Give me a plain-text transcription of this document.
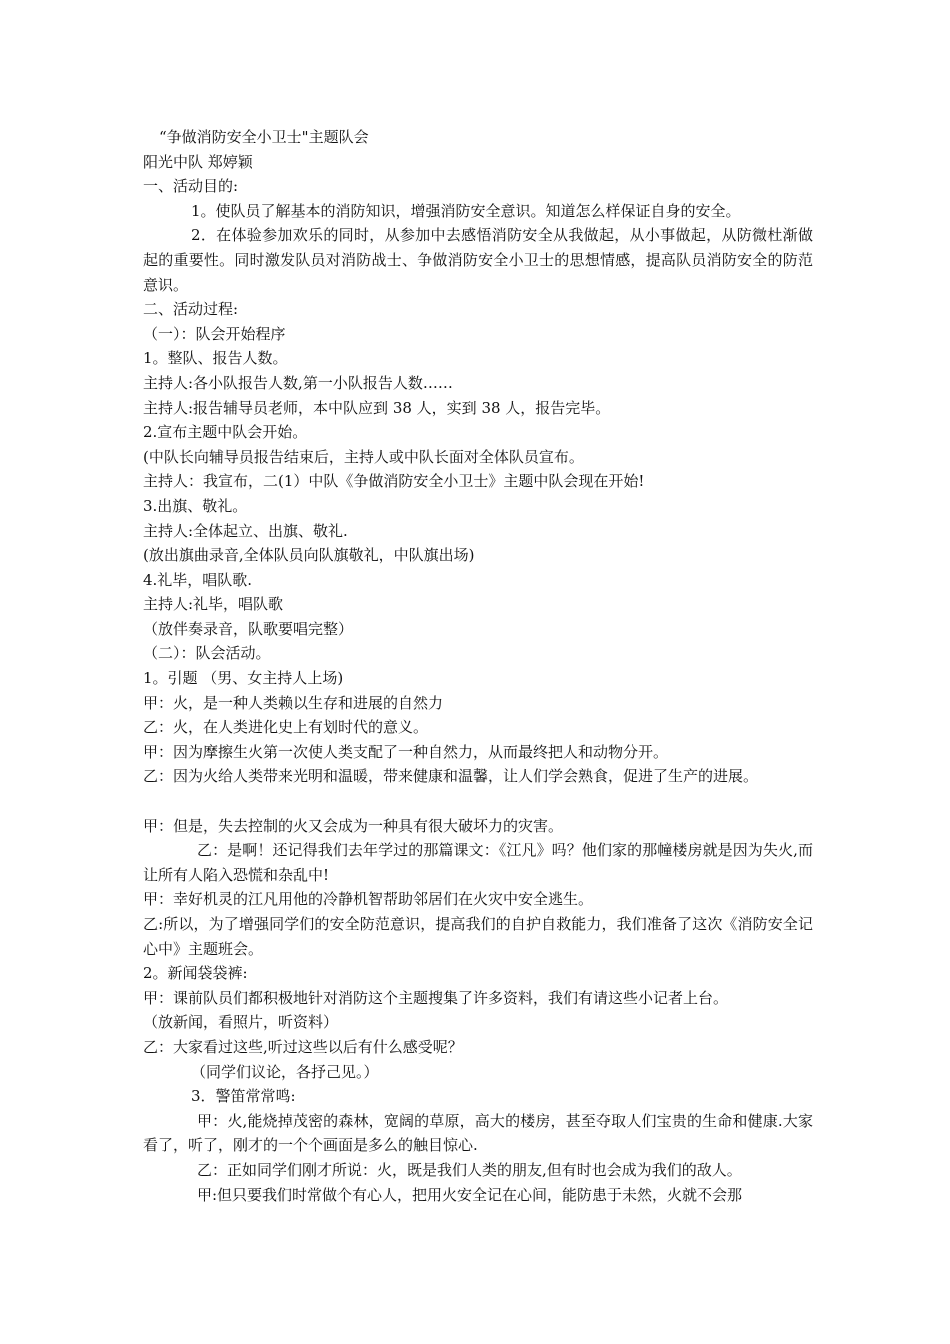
“争做消防安全小卫士"主题队会
阳光中队 郑婷颖
一、活动目的:
1。使队员了解基本的消防知识，增强消防安全意识。知道怎么样保证自身的安全。
2．在体验参加欢乐的同时，从参加中去感悟消防安全从我做起，从小事做起，从防微杜渐做起的重要性。同时激发队员对消防战士、争做消防安全小卫士的思想情感，提高队员消防安全的防范意识。
二、活动过程:
（一）：队会开始程序
1。整队、报告人数。
主持人:各小队报告人数,第一小队报告人数……
主持人:报告辅导员老师，本中队应到 38 人，实到 38 人，报告完毕。
2.宣布主题中队会开始。
(中队长向辅导员报告结束后，主持人或中队长面对全体队员宣布。
主持人：我宣布，二(1）中队《争做消防安全小卫士》主题中队会现在开始!
3.出旗、敬礼。
主持人:全体起立、出旗、敬礼.
(放出旗曲录音,全体队员向队旗敬礼，中队旗出场)
4.礼毕，唱队歌.
主持人:礼毕，唱队歌
（放伴奏录音，队歌要唱完整）
（二）：队会活动。
1。引题 （男、女主持人上场)
甲：火，是一种人类赖以生存和进展的自然力
乙：火，在人类进化史上有划时代的意义。
甲：因为摩擦生火第一次使人类支配了一种自然力，从而最终把人和动物分开。
乙：因为火给人类带来光明和温暖，带来健康和温馨，让人们学会熟食，促进了生产的进展。
甲：但是，失去控制的火又会成为一种具有很大破坏力的灾害。
乙：是啊！还记得我们去年学过的那篇课文：《江凡》吗？他们家的那幢楼房就是因为失火,而让所有人陷入恐慌和杂乱中!
甲：幸好机灵的江凡用他的冷静机智帮助邻居们在火灾中安全逃生。
乙:所以，为了增强同学们的安全防范意识，提高我们的自护自救能力，我们准备了这次《消防安全记心中》主题班会。
2。新闻袋袋裤:
甲：课前队员们都积极地针对消防这个主题搜集了许多资料，我们有请这些小记者上台。
（放新闻，看照片，听资料）
乙：大家看过这些,听过这些以后有什么感受呢？
（同学们议论，各抒己见。）
3．警笛常常鸣:
甲：火,能烧掉茂密的森林，宽阔的草原，高大的楼房，甚至夺取人们宝贵的生命和健康.大家看了，听了，刚才的一个个画面是多么的触目惊心.
乙：正如同学们刚才所说：火，既是我们人类的朋友,但有时也会成为我们的敌人。
甲:但只要我们时常做个有心人，把用火安全记在心间，能防患于未然，火就不会那
